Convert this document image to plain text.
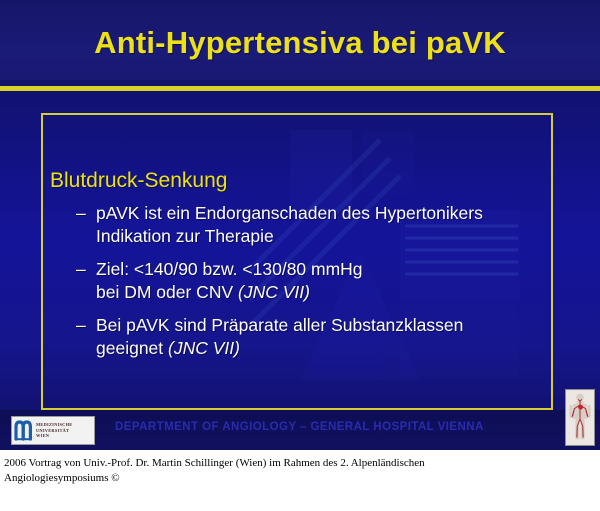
Anti-Hypertensiva bei paVK
Blutdruck-Senkung
– pAVK ist ein Endorganschaden des Hypertonikers
Indikation zur Therapie
– Ziel: <140/90 bzw. <130/80 mmHg
bei DM oder CNV (JNC VII)
– Bei pAVK sind Präparate aller Substanzklassen
geeignet (JNC VII)
DEPARTMENT OF ANGIOLOGY – GENERAL HOSPITAL VIENNA
MEDIZINISCHE
UNIVERSITÄT
WIEN
2006 Vortrag von Univ.-Prof. Dr. Martin Schillinger (Wien) im Rahmen des 2. Alpenländischen
Angiologiesymposiums ©
